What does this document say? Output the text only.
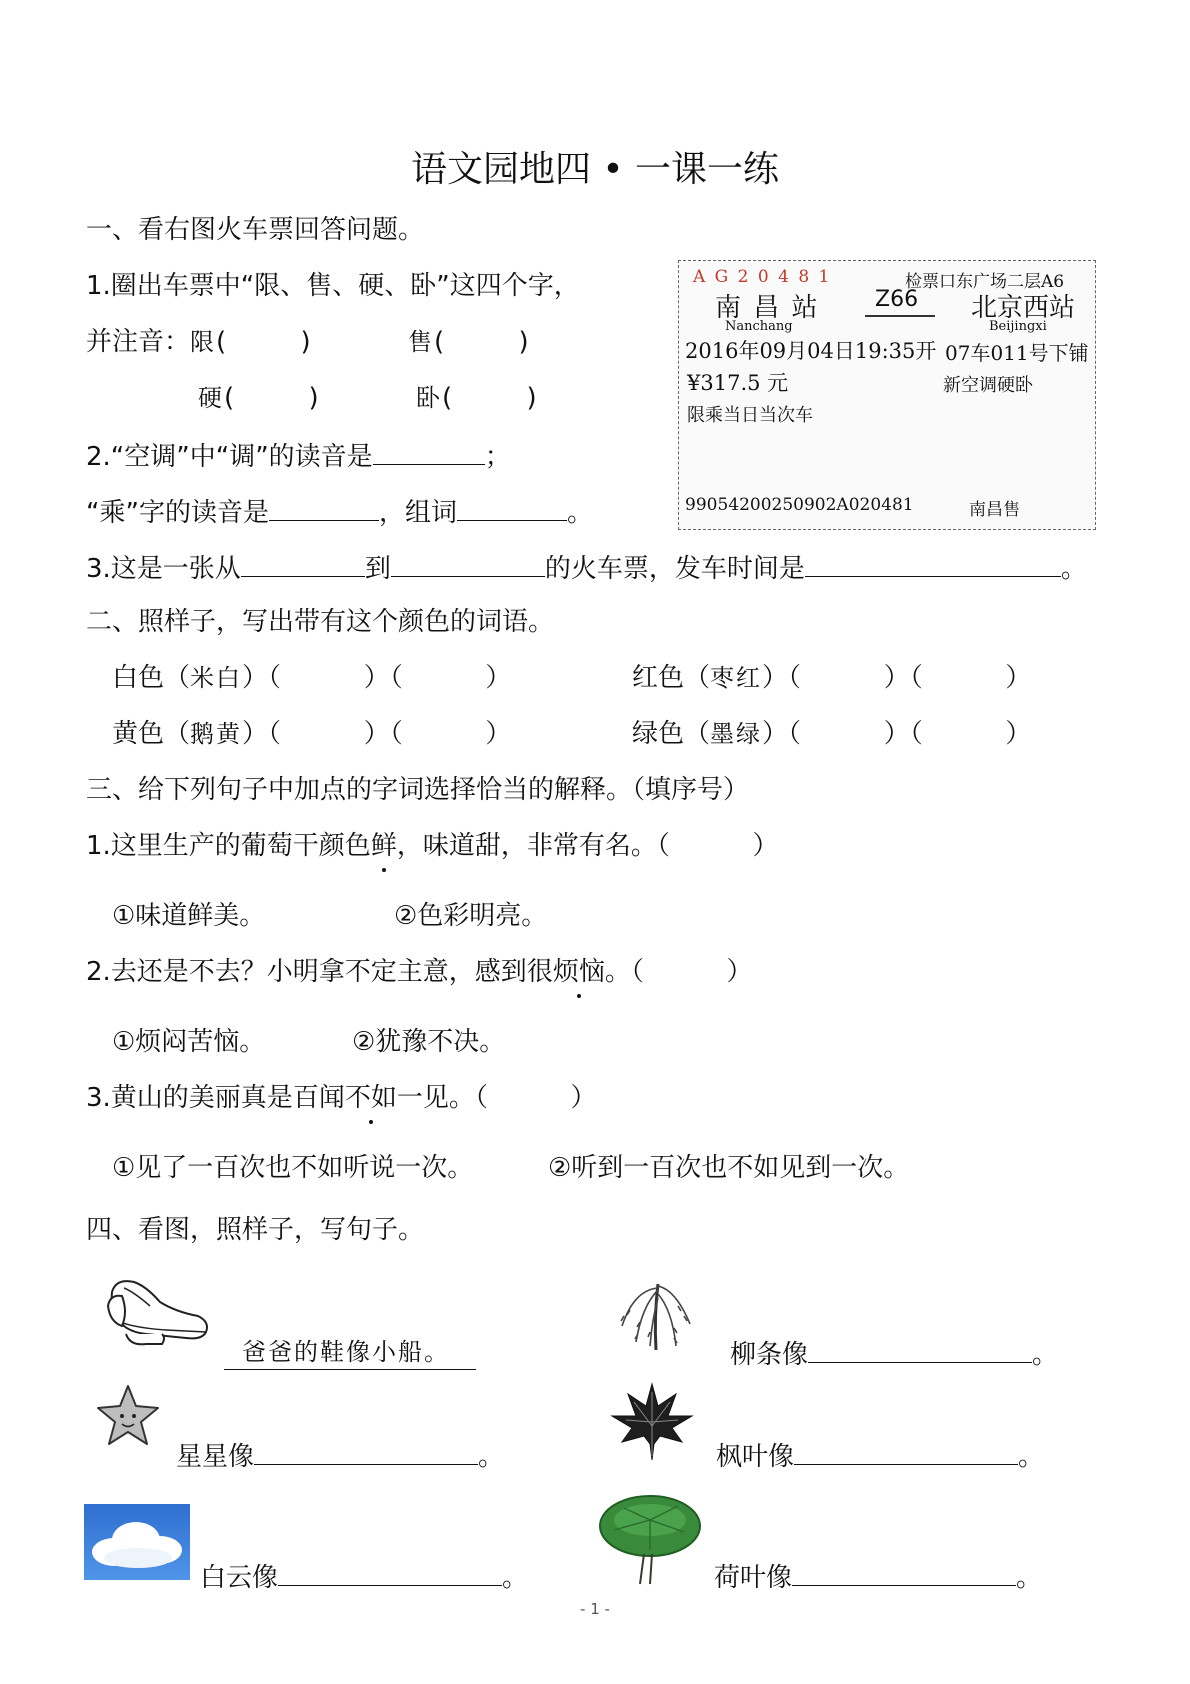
语文园地四 • 一课一练
一、看右图火车票回答问题。
1.圈出车票中“限、售、硬、卧”这四个字，
并注音：限(         )	售(         )
硬(         )	卧(         )
2.“空调”中“调”的读音是	；
“乘”字的读音是	，组词	。
3.这是一张从	到	的火车票，发车时间是	。
A G 2 0 4 8 1	检票口东广场二层A6
南 昌 站	Z66 北京西站
Nanchang	Beijingxi
2016年09月04日19:35开 07车011号下铺
¥317.5 元	新空调硬卧
限乘当日当次车
99054200250902A020481	南昌售
二、照样子，写出带有这个颜色的词语。
白色（米白）（          ）（          ）	红色（枣红）（          ）（          ）
黄色（鹅黄）（          ）（          ）	绿色（墨绿）（          ）（          ）
三、给下列句子中加点的字词选择恰当的解释。（填序号）
1.这里生产的葡萄干颜色鲜，味道甜，非常有名。（          ）
①味道鲜美。	②色彩明亮。
2.去还是不去？小明拿不定主意，感到很烦恼。（          ）
①烦闷苦恼。	②犹豫不决。
3.黄山的美丽真是百闻不如一见。（          ）
①见了一百次也不如听说一次。	②听到一百次也不如见到一次。
四、看图，照样子，写句子。
爸爸的鞋像小船。	柳条像	。
星星像	。	枫叶像	。
白云像	。	荷叶像	。
- 1 -
